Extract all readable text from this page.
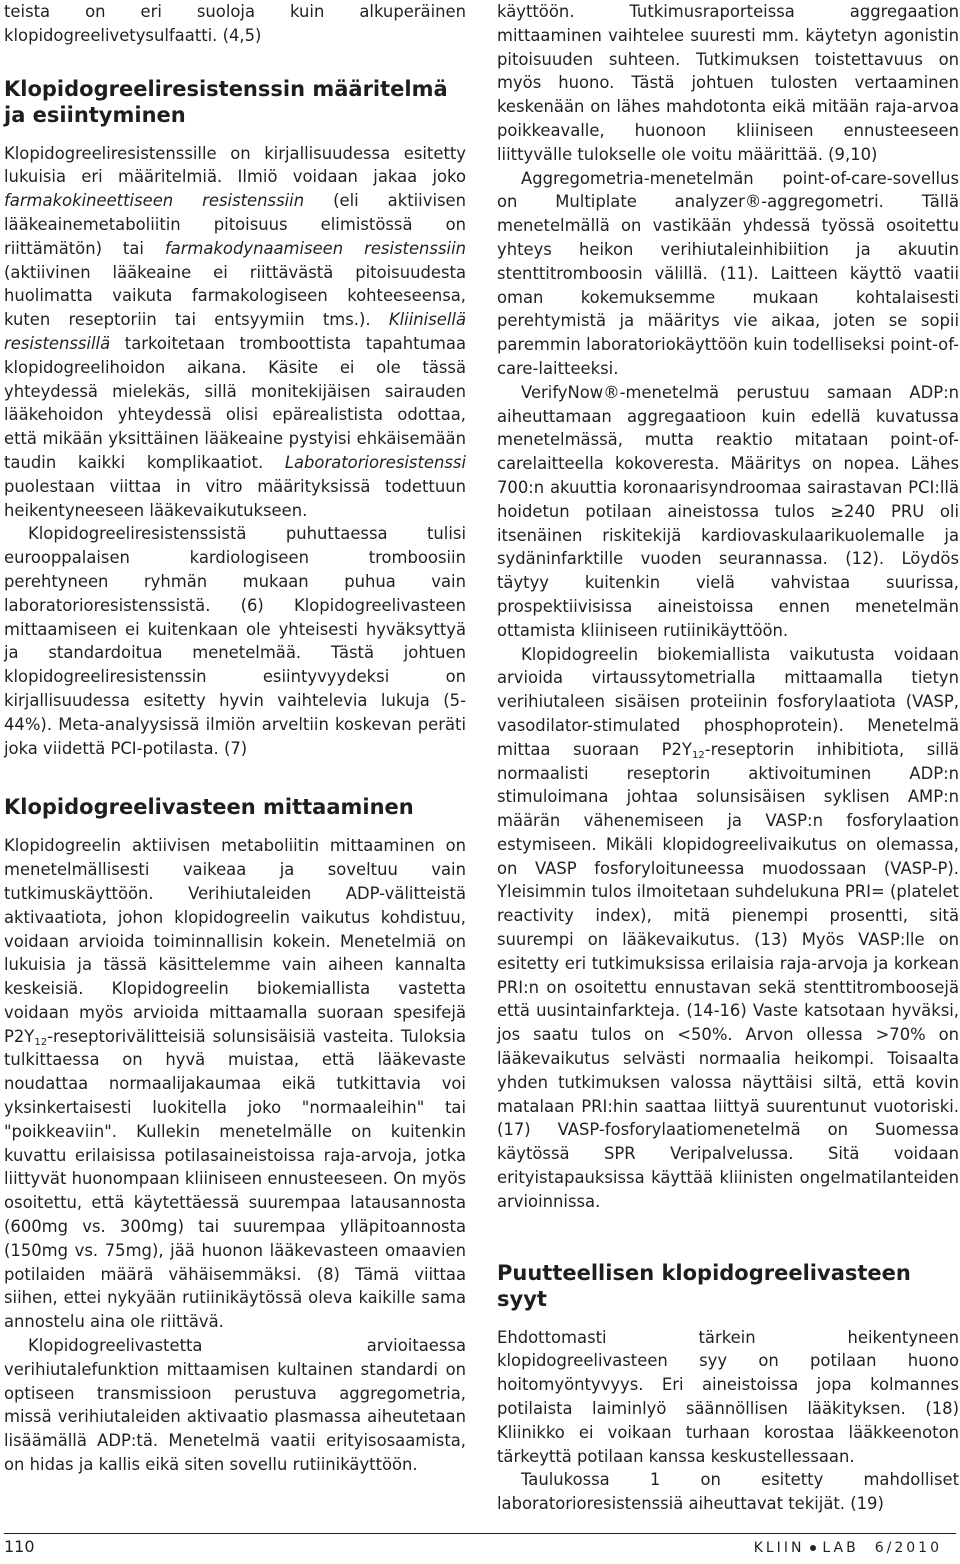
teista on eri suoloja kuin alkuperäinen klopidogreelivetysulfaatti. (4,5)

Klopidogreeliresistenssin määritelmä ja esiintyminen

Klopidogreeliresistenssille on kirjallisuudessa esitetty lukuisia eri määritelmiä. Ilmiö voidaan jakaa joko farmakokineettiseen resistenssiin (eli aktiivisen lääkeainemetaboliitin pitoisuus elimistössä on riittämätön) tai farmakodynaamiseen resistenssiin (aktiivinen lääkeaine ei riittävästä pitoisuudesta huolimatta vaikuta farmakologiseen kohteeseensa, kuten reseptoriin tai entsyymiin tms.). Kliinisellä resistenssillä tarkoitetaan tromboottista tapahtumaa klopidogreelihoidon aikana. Käsite ei ole tässä yhteydessä mielekäs, sillä monitekijäisen sairauden lääkehoidon yhteydessä olisi epärealistista odottaa, että mikään yksittäinen lääkeaine pystyisi ehkäisemään taudin kaikki komplikaatiot. Laboratorioresistenssi puolestaan viittaa in vitro määrityksissä todettuun heikentyneeseen lääkevaikutukseen.

Klopidogreeliresistenssistä puhuttaessa tulisi eurooppalaisen kardiologiseen tromboosiin perehtyneen ryhmän mukaan puhua vain laboratorioresistenssistä. (6) Klopidogreelivasteen mittaamiseen ei kuitenkaan ole yhteisesti hyväksyttyä ja standardoitua menetelmää. Tästä johtuen klopidogreeliresistenssin esiintyvyydeksi on kirjallisuudessa esitetty hyvin vaihtelevia lukuja (5-44%). Meta-analyysissä ilmiön arveltiin koskevan peräti joka viidettä PCI-potilasta. (7)

Klopidogreelivasteen mittaaminen

Klopidogreelin aktiivisen metaboliitin mittaaminen on menetelmällisesti vaikeaa ja soveltuu vain tutkimuskäyttöön. Verihiutaleiden ADP-välitteistä aktivaatiota, johon klopidogreelin vaikutus kohdistuu, voidaan arvioida toiminnallisin kokein. Menetelmiä on lukuisia ja tässä käsittelemme vain aiheen kannalta keskeisiä. Klopidogreelin biokemiallista vastetta voidaan myös arvioida mittaamalla suoraan spesifejä $P2Y_{12}$-reseptorivälitteisiä solunsisäisiä vasteita. Tuloksia tulkittaessa on hyvä muistaa, että lääkevaste noudattaa normaalijakaumaa eikä tutkittavia voi yksinkertaisesti luokitella joko "normaaleihin" tai "poikkeaviin". Kullekin menetelmälle on kuitenkin kuvattu erilaisissa potilasaineistoissa raja-arvoja, jotka liittyvät huonompaan kliiniseen ennusteeseen. On myös osoitettu, että käytettäessä suurempaa latausannosta (600mg vs. 300mg) tai suurempaa ylläpitoannosta (150mg vs. 75mg), jää huonon lääkevasteen omaavien potilaiden määrä vähäisemmäksi. (8) Tämä viittaa siihen, ettei nykyään rutiinikäytössä oleva kaikille sama annostelu aina ole riittävä.

Klopidogreelivastetta arvioitaessa verihiutalefunktion mittaamisen kultainen standardi on optiseen transmissioon perustuva aggregometria, missä verihiutaleiden aktivaatio plasmassa aiheutetaan lisäämällä ADP:tä. Menetelmä vaatii erityisosaamista, on hidas ja kallis eikä siten sovellu rutiinikäyttöön.

käyttöön. Tutkimusraporteissa aggregaation mittaaminen vaihtelee suuresti mm. käytetyn agonistin pitoisuuden suhteen. Tutkimuksen toistettavuus on myös huono. Tästä johtuen tulosten vertaaminen keskenään on lähes mahdotonta eikä mitään raja-arvoa poikkeavalle, huonoon kliiniseen ennusteeseen liittyvälle tulokselle ole voitu määrittää. (9,10)

Aggregometria-menetelmän point-of-care-sovellus on Multiplate analyzer®-aggregometri. Tällä menetelmällä on vastikään yhdessä työssä osoitettu yhteys heikon verihiutaleinhibiition ja akuutin stenttitromboosin välillä. (11). Laitteen käyttö vaatii oman kokemuksemme mukaan kohtalaisesti perehtymistä ja määritys vie aikaa, joten se sopii paremmin laboratoriokäyttöön kuin todelliseksi point-of-care-laitteeksi.

VerifyNow®-menetelmä perustuu samaan ADP:n aiheuttamaan aggregaatioon kuin edellä kuvatussa menetelmässä, mutta reaktio mitataan point-of-carelaitteella kokoveresta. Määritys on nopea. Lähes 700:n akuuttia koronaarisyndroomaa sairastavan PCI:llä hoidetun potilaan aineistossa tulos ≥240 PRU oli itsenäinen riskitekijä kardiovaskulaarikuolemalle ja sydäninfarktille vuoden seurannassa. (12). Löydös täytyy kuitenkin vielä vahvistaa suurissa, prospektiivisissa aineistoissa ennen menetelmän ottamista kliiniseen rutiinikäyttöön.

Klopidogreelin biokemiallista vaikutusta voidaan arvioida virtaussytometrialla mittaamalla tietyn verihiutaleen sisäisen proteiinin fosforylaatiota (VASP, vasodilator-stimulated phosphoprotein). Menetelmä mittaa suoraan $P2Y_{12}$-reseptorin inhibitiota, sillä normaalisti reseptorin aktivoituminen ADP:n stimuloimana johtaa solunsisäisen syklisen AMP:n määrän vähenemiseen ja VASP:n fosforylaation estymiseen. Mikäli klopidogreelivaikutus on olemassa, on VASP fosforyloituneessa muodossaan (VASP-P). Yleisimmin tulos ilmoitetaan suhdelukuna PRI= (platelet reactivity index), mitä pienempi prosentti, sitä suurempi on lääkevaikutus. (13) Myös VASP:lle on esitetty eri tutkimuksissa erilaisia raja-arvoja ja korkean PRI:n on osoitettu ennustavan sekä stenttitromboosejä että uusintainfarkteja. (14-16) Vaste katsotaan hyväksi, jos saatu tulos on <50%. Arvon ollessa >70% on lääkevaikutus selvästi normaalia heikompi. Toisaalta yhden tutkimuksen valossa näyttäisi siltä, että kovin matalaan PRI:hin saattaa liittyä suurentunut vuotoriski. (17) VASP-fosforylaatiomenetelmä on Suomessa käytössä SPR Veripalvelussa. Sitä voidaan erityistapauksissa käyttää kliinisten ongelmatilanteiden arvioinnissa.

Puutteellisen klopidogreelivasteen syyt

Ehdottomasti tärkein heikentyneen klopidogreelivasteen syy on potilaan huono hoitomyöntyvyys. Eri aineistoissa jopa kolmannes potilaista laiminlyö säännöllisen lääkityksen. (18) Kliinikko ei voikaan turhaan korostaa lääkkeenoton tärkeyttä potilaan kanssa keskustellessaan.

Taulukossa 1 on esitetty mahdolliset laboratorioresistenssiä aiheuttavat tekijät. (19)

110	KLIIN LAB 6/2010
